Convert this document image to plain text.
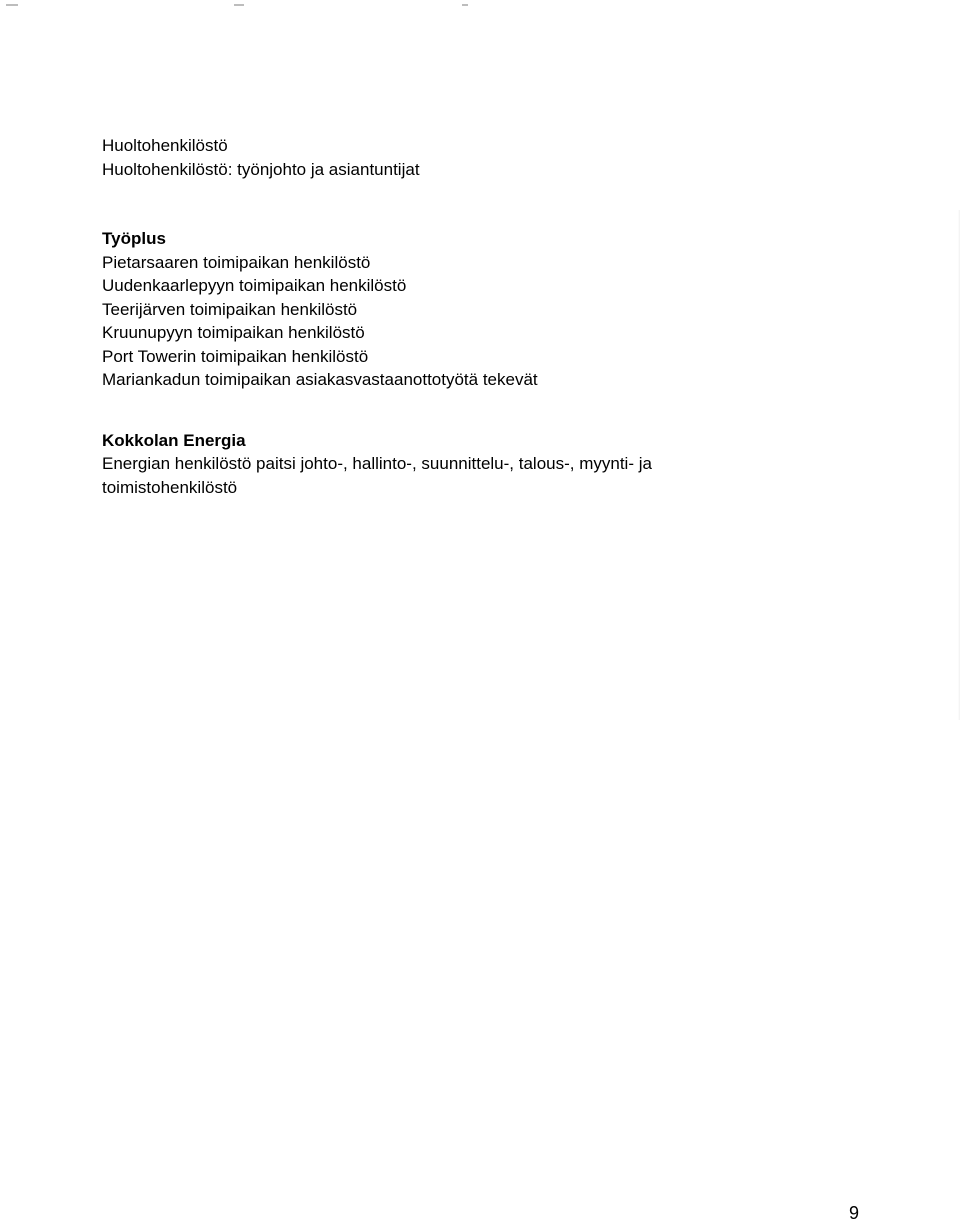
Huoltohenkilöstö
Huoltohenkilöstö: työnjohto ja asiantuntijat
Työplus
Pietarsaaren toimipaikan henkilöstö
Uudenkaarlepyyn toimipaikan henkilöstö
Teerijärven toimipaikan henkilöstö
Kruunupyyn toimipaikan henkilöstö
Port Towerin toimipaikan henkilöstö
Mariankadun toimipaikan asiakasvastaanottotyötä tekevät
Kokkolan Energia
Energian henkilöstö paitsi johto-, hallinto-, suunnittelu-, talous-, myynti- ja
toimistohenkilöstö
9
